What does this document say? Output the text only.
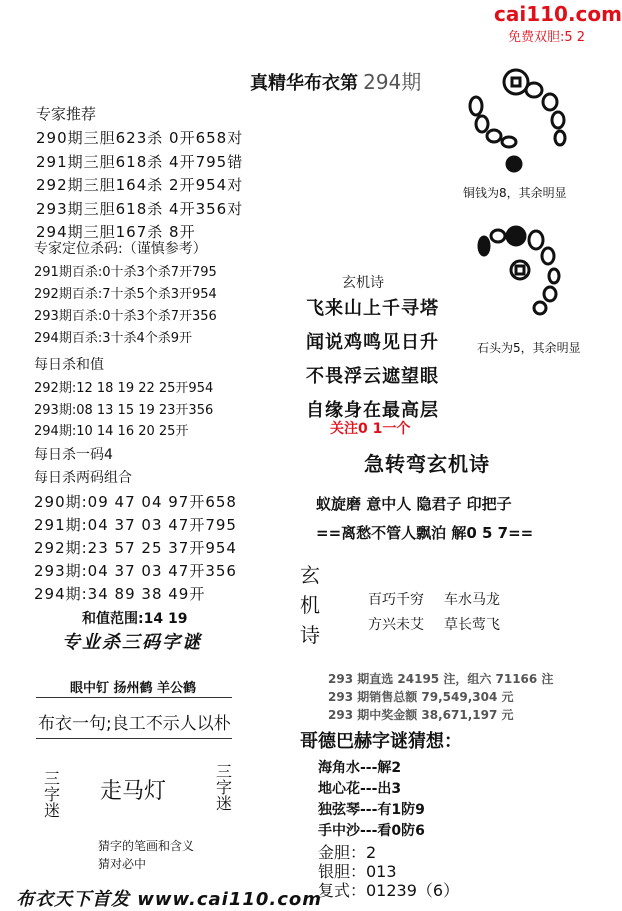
cai110.com
免费双胆:5 2
真精华布衣第 294期
专家推荐
290期三胆623杀 0开658对
291期三胆618杀 4开795错
292期三胆164杀 2开954对
293期三胆618杀 4开356对
294期三胆167杀 8开
专家定位杀码:（谨慎参考）
291期百杀:0十杀3个杀7开795
292期百杀:7十杀5个杀3开954
293期百杀:0十杀3个杀7开356
294期百杀:3十杀4个杀9开
每日杀和值
292期:12 18 19 22 25开954
293期:08 13 15 19 23开356
294期:10 14 16 20 25开
每日杀一码4
每日杀两码组合
290期:09 47 04 97开658
291期:04 37 03 47开795
292期:23 57 25 37开954
293期:04 37 03 47开356
294期:34 89 38 49开
和值范围:14 19
专业杀三码字谜
眼中钉 扬州鹤 羊公鹤
布衣一句;良工不示人以朴
三
字
迷
走马灯
三
字
迷
猜字的笔画和含义
猜对必中
布衣天下首发 www.cai110.com
铜钱为8，其余明显
石头为5，其余明显
玄机诗
飞来山上千寻塔
闻说鸡鸣见日升
不畏浮云遮望眼
自缘身在最高层
关注0 1一个
急转弯玄机诗
蚁旋磨 意中人 隐君子 印把子
==离愁不管人飘泊 解0 5 7==
玄
机
诗
百巧千穷 车水马龙
方兴未艾 草长莺飞
293 期直选 24195 注，组六 71166 注
293 期销售总额 79,549,304 元
293 期中奖金额 38,671,197 元
哥德巴赫字谜猜想：
海角水---解2
地心花---出3
独弦琴---有1防9
手中沙---看0防6
金胆：2
银胆：013
复式：01239（6）
